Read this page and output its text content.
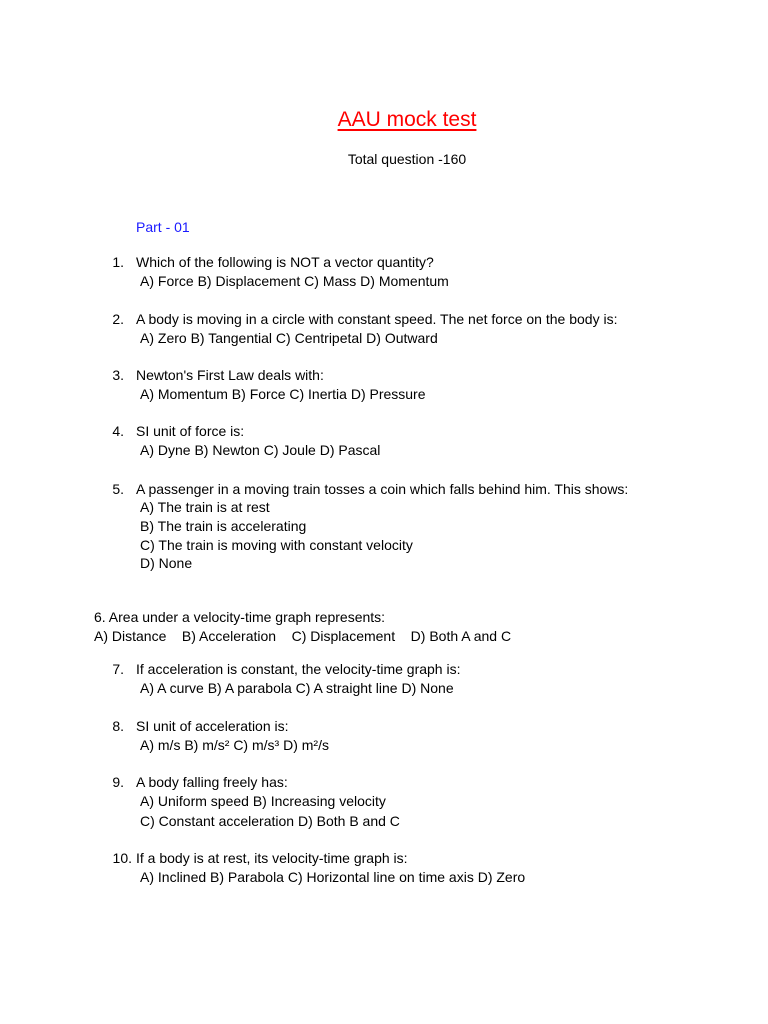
AAU mock test
Total question -160
Part - 01
1. Which of the following is NOT a vector quantity?
A) Force B) Displacement C) Mass D) Momentum
2. A body is moving in a circle with constant speed. The net force on the body is:
A) Zero B) Tangential C) Centripetal D) Outward
3. Newton's First Law deals with:
A) Momentum B) Force C) Inertia D) Pressure
4. SI unit of force is:
A) Dyne B) Newton C) Joule D) Pascal
5. A passenger in a moving train tosses a coin which falls behind him. This shows:
A) The train is at rest
B) The train is accelerating
C) The train is moving with constant velocity
D) None
6. Area under a velocity-time graph represents:
A) Distance    B) Acceleration    C) Displacement    D) Both A and C
7. If acceleration is constant, the velocity-time graph is:
A) A curve B) A parabola C) A straight line D) None
8. SI unit of acceleration is:
A) m/s B) m/s² C) m/s³ D) m²/s
9. A body falling freely has:
A) Uniform speed B) Increasing velocity
C) Constant acceleration D) Both B and C
10. If a body is at rest, its velocity-time graph is:
A) Inclined B) Parabola C) Horizontal line on time axis D) Zero
